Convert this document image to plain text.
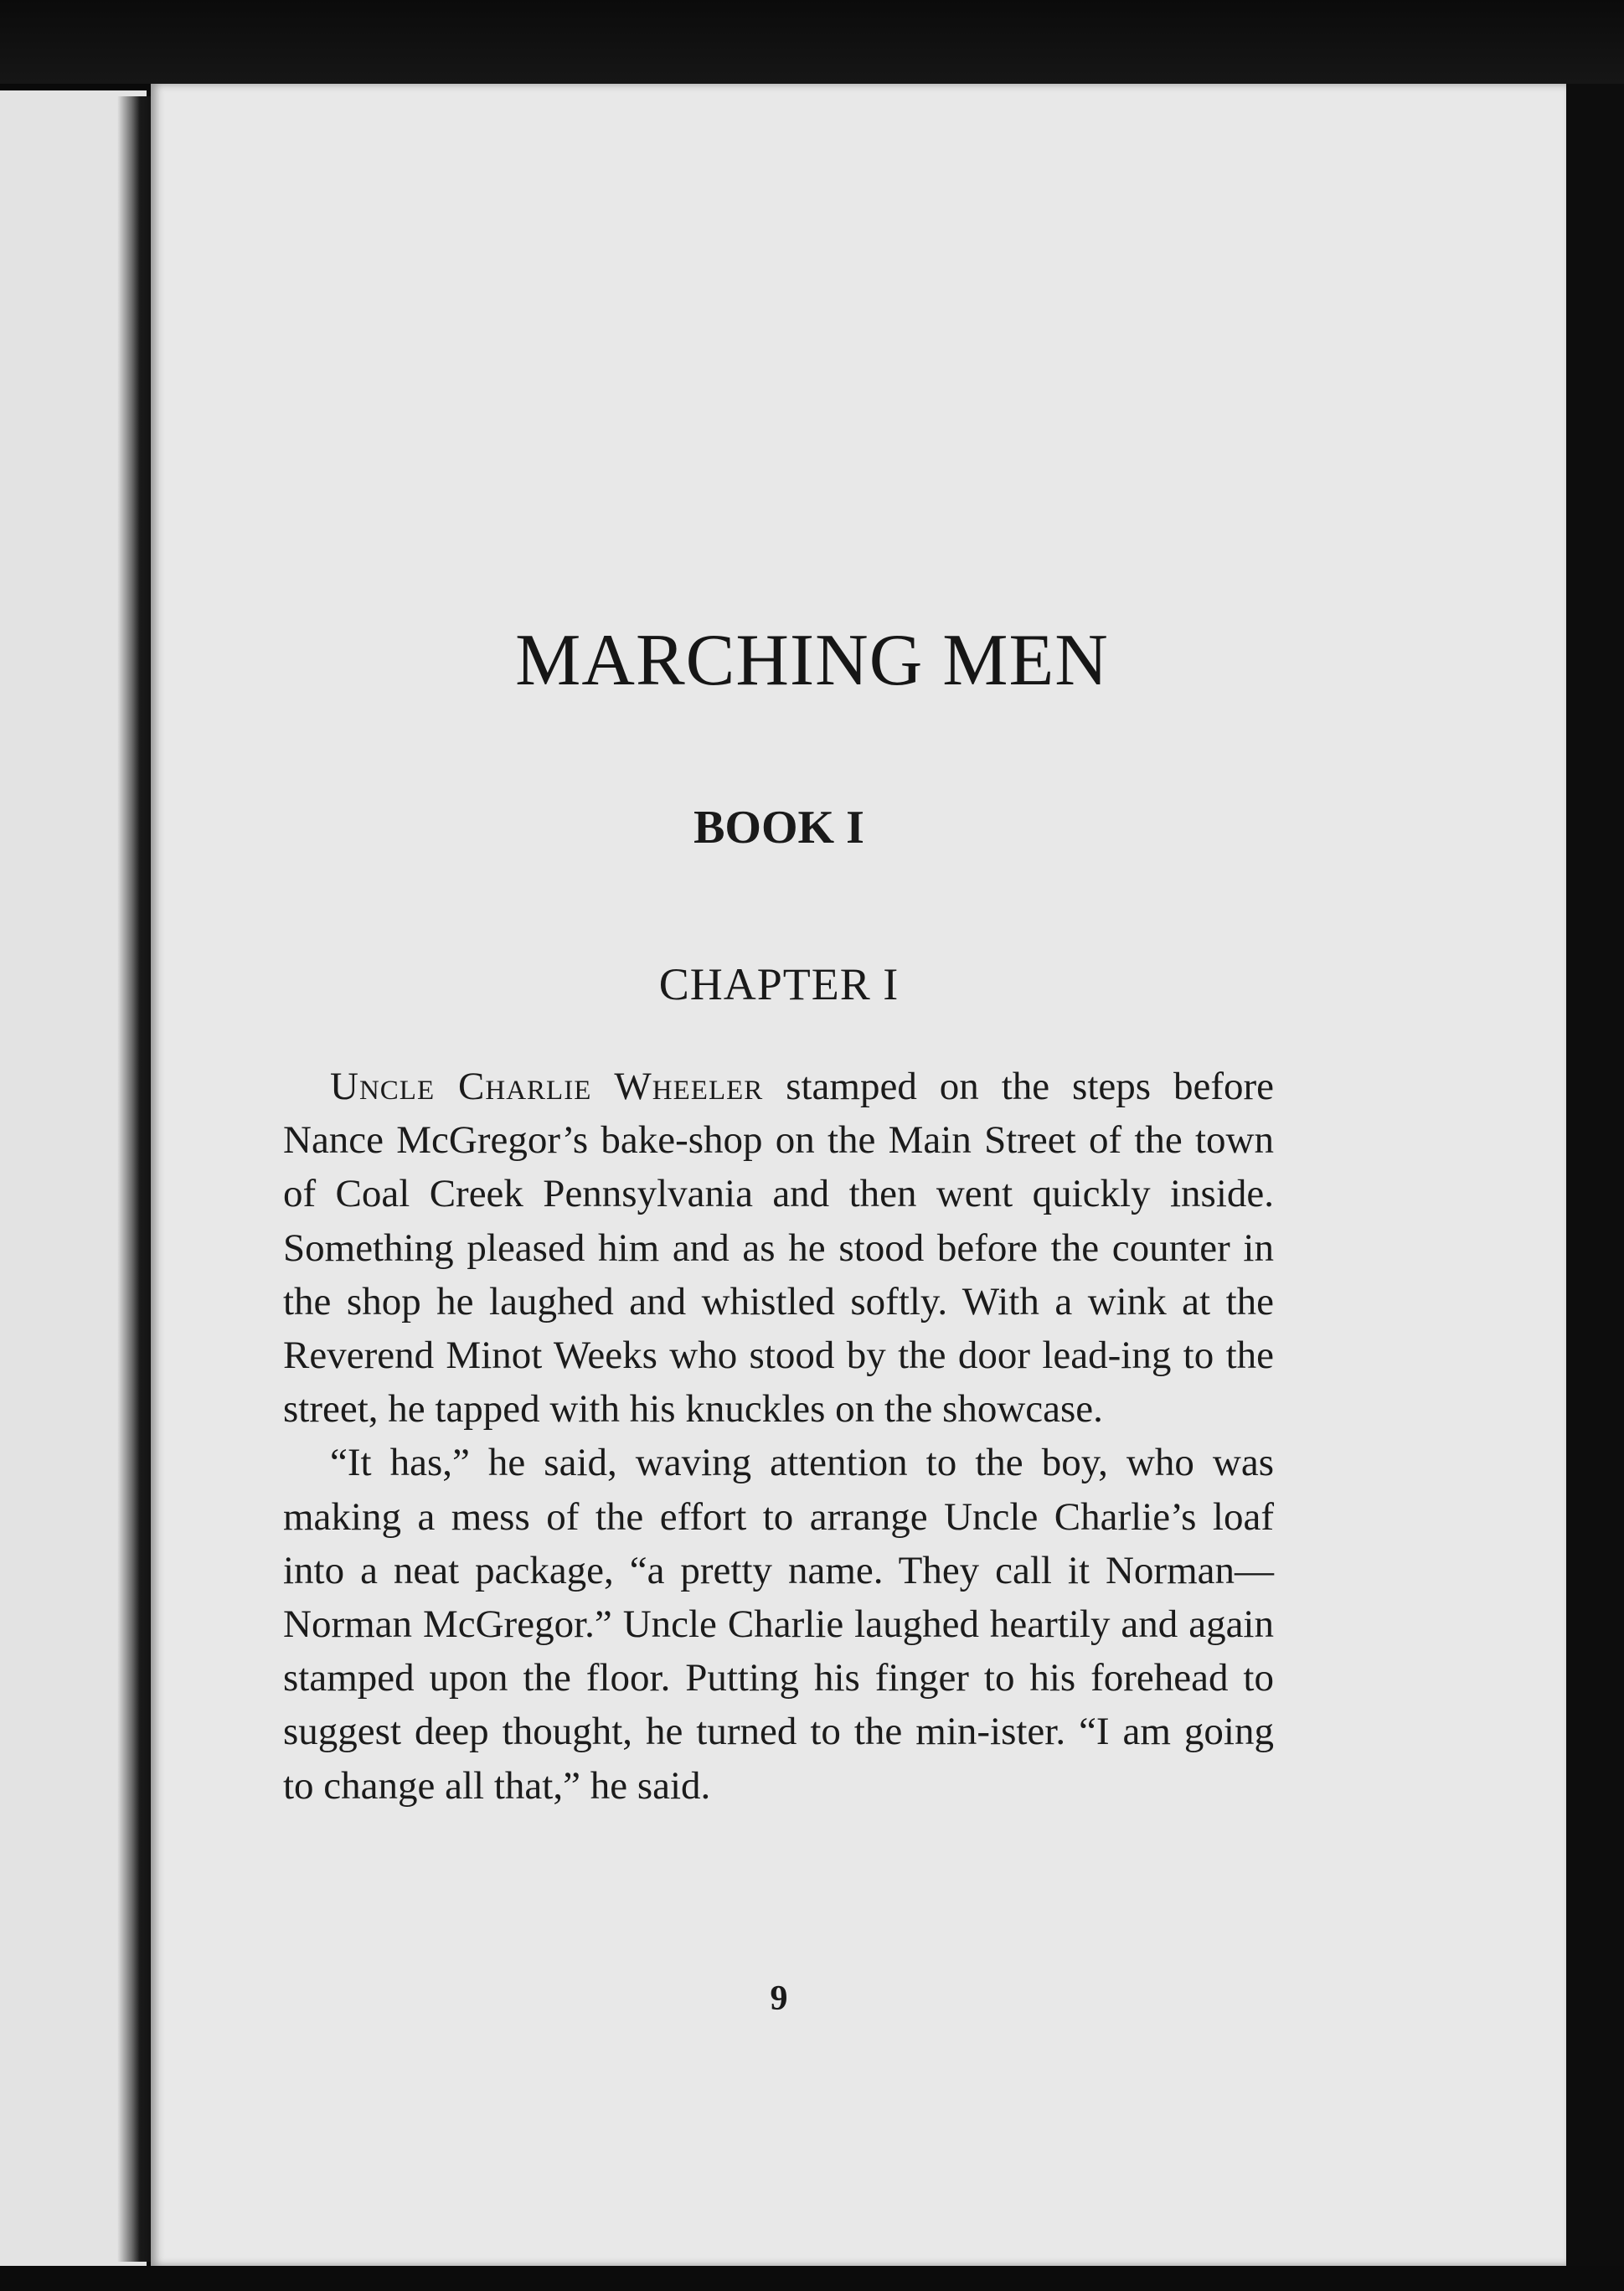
MARCHING MEN
BOOK I
CHAPTER I

Uncle Charlie Wheeler stamped on the steps before Nance McGregor’s bake-shop on the Main Street of the town of Coal Creek Pennsylvania and then went quickly inside. Something pleased him and as he stood before the counter in the shop he laughed and whistled softly. With a wink at the Reverend Minot Weeks who stood by the door lead-ing to the street, he tapped with his knuckles on the showcase.

“It has,” he said, waving attention to the boy, who was making a mess of the effort to arrange Uncle Charlie’s loaf into a neat package, “a pretty name. They call it Norman—Norman McGregor.” Uncle Charlie laughed heartily and again stamped upon the floor. Putting his finger to his forehead to suggest deep thought, he turned to the min-ister. “I am going to change all that,” he said.

9
